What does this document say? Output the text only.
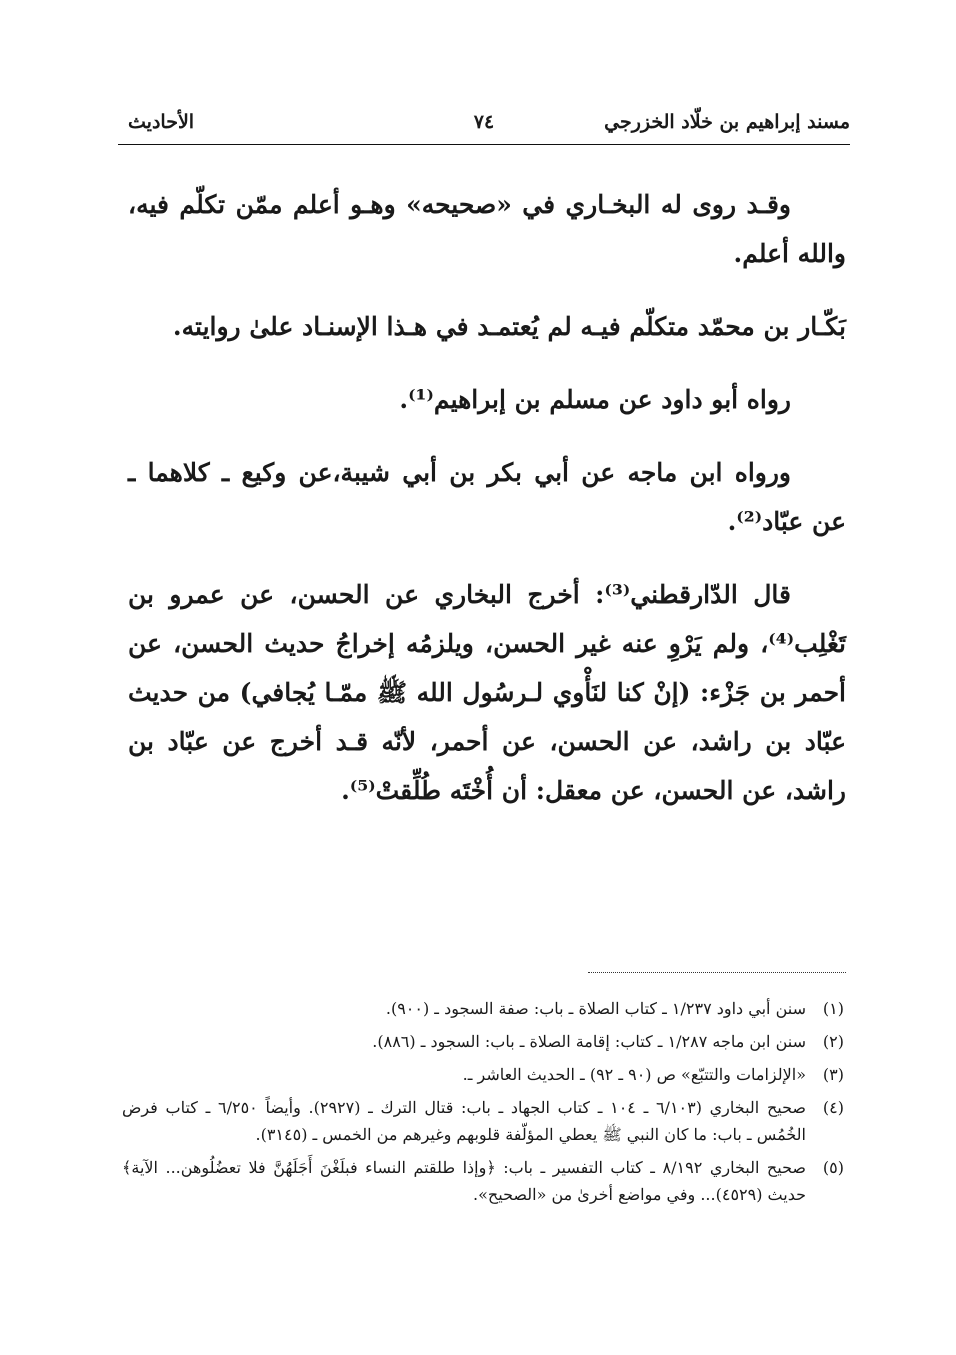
مسند إبراهيم بن خلّاد الخزرجي
٧٤
الأحاديث

وقـد روى له البخـاري في «صحيحه» وهـو أعلم ممّن تكلّم فيه، والله أعلم.

بَكّـار بن محمّد متكلّم فيـه لم يُعتمـد في هـذا الإسنـاد علىٰ روايته.

رواه أبو داود عن مسلم بن إبراهيم⁽¹⁾.

ورواه ابن ماجه عن أبي بكر بن أبي شيبة،عن وكيع ـ كلاهما ـ عن عبّاد⁽²⁾.

قال الدّارقطني⁽³⁾: أخرج البخاري عن الحسن، عن عمرو بن تَغْلِب⁽⁴⁾، ولم يَرْوِ عنه غير الحسن، ويلزمُه إخراجُ حديث الحسن، عن أحمر بن جَزْء: (إنْ كنا لنَأْوي لـرسُول الله ﷺ ممّـا يُجافي) من حديث عبّاد بن راشد، عن الحسن، عن أحمر، لأنّه قـد أخرج عن عبّاد بن راشد، عن الحسن، عن معقل: أن أُخْتَه طُلِّقتْ⁽⁵⁾.

(١)
سنن أبي داود ١/٢٣٧ ـ كتاب الصلاة ـ باب: صفة السجود ـ (٩٠٠).
(٢)
سنن ابن ماجه ١/٢٨٧ ـ كتاب: إقامة الصلاة ـ باب: السجود ـ (٨٨٦).
(٣)
«الإلزامات والتتبّع» ص (٩٠ ـ ٩٢) ـ الحديث العاشر ـ.
(٤)
صحيح البخاري (٦/١٠٣ ـ ١٠٤ ـ كتاب الجهاد ـ باب: قتال الترك ـ (٢٩٢٧). وأيضاً ٦/٢٥٠ ـ كتاب فرض الخُمُس ـ باب: ما كان النبي ﷺ يعطي المؤلّفة قلوبهم وغيرهم من الخمس ـ (٣١٤٥).
(٥)
صحيح البخاري ٨/١٩٢ ـ كتاب التفسير ـ باب: ﴿وإذا طلقتم النساء فبلَغْنَ أَجَلَهُنَّ فلا تعضُلُوهن... الآية﴾ حديث (٤٥٢٩)... وفي مواضع أخرىٰ من «الصحيح».
